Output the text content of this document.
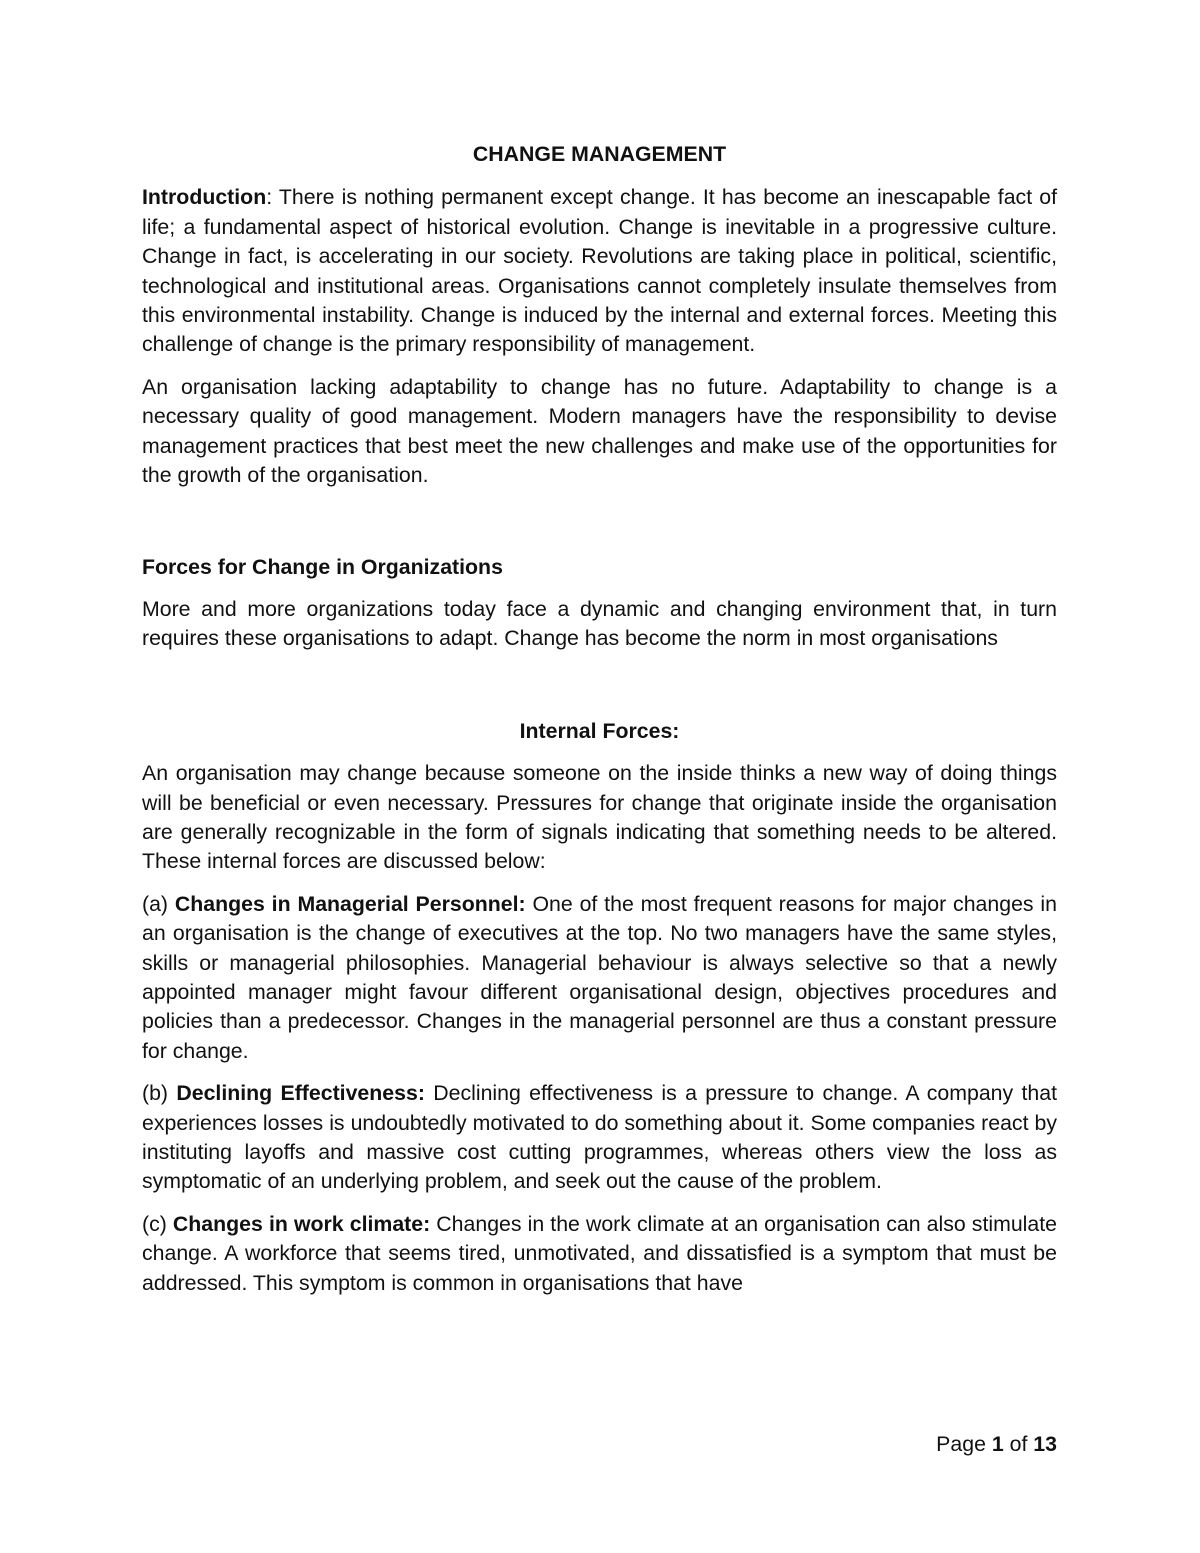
CHANGE MANAGEMENT

Introduction: There is nothing permanent except change. It has become an inescapable fact of life; a fundamental aspect of historical evolution. Change is inevitable in a progressive culture. Change in fact, is accelerating in our society. Revolutions are taking place in political, scientific, technological and institutional areas. Organisations cannot completely insulate themselves from this environmental instability. Change is induced by the internal and external forces. Meeting this challenge of change is the primary responsibility of management.

An organisation lacking adaptability to change has no future. Adaptability to change is a necessary quality of good management. Modern managers have the responsibility to devise management practices that best meet the new challenges and make use of the opportunities for the growth of the organisation.

Forces for Change in Organizations

More and more organizations today face a dynamic and changing environment that, in turn requires these organisations to adapt. Change has become the norm in most organisations

Internal Forces:

An organisation may change because someone on the inside thinks a new way of doing things will be beneficial or even necessary. Pressures for change that originate inside the organisation are generally recognizable in the form of signals indicating that something needs to be altered. These internal forces are discussed below:

(a) Changes in Managerial Personnel: One of the most frequent reasons for major changes in an organisation is the change of executives at the top. No two managers have the same styles, skills or managerial philosophies. Managerial behaviour is always selective so that a newly appointed manager might favour different organisational design, objectives procedures and policies than a predecessor. Changes in the managerial personnel are thus a constant pressure for change.

(b) Declining Effectiveness: Declining effectiveness is a pressure to change. A company that experiences losses is undoubtedly motivated to do something about it. Some companies react by instituting layoffs and massive cost cutting programmes, whereas others view the loss as symptomatic of an underlying problem, and seek out the cause of the problem.

(c) Changes in work climate: Changes in the work climate at an organisation can also stimulate change. A workforce that seems tired, unmotivated, and dissatisfied is a symptom that must be addressed. This symptom is common in organisations that have

Page 1 of 13
